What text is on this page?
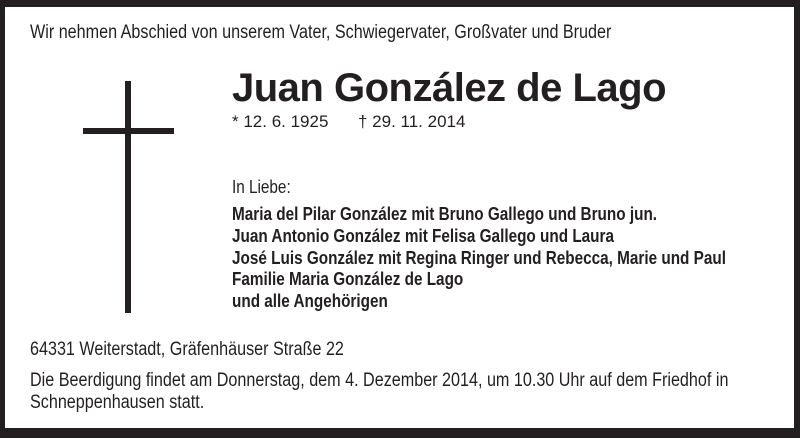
Wir nehmen Abschied von unserem Vater, Schwiegervater, Großvater und Bruder
Juan González de Lago
* 12. 6. 1925 † 29. 11. 2014
In Liebe:
Maria del Pilar González mit Bruno Gallego und Bruno jun.
Juan Antonio González mit Felisa Gallego und Laura
José Luis González mit Regina Ringer und Rebecca, Marie und Paul
Familie Maria González de Lago
und alle Angehörigen
64331 Weiterstadt, Gräfenhäuser Straße 22
Die Beerdigung findet am Donnerstag, dem 4. Dezember 2014, um 10.30 Uhr auf dem Friedhof in
Schneppenhausen statt.
